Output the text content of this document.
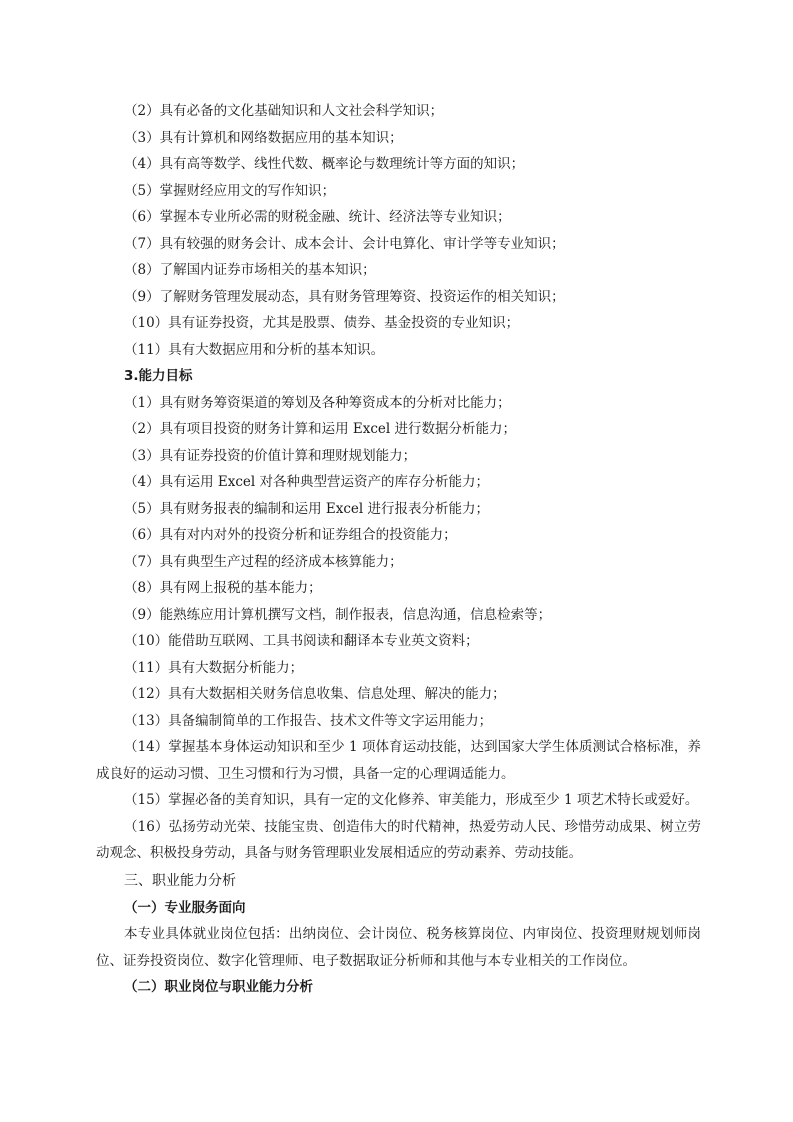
（2）具有必备的文化基础知识和人文社会科学知识；
（3）具有计算机和网络数据应用的基本知识；
（4）具有高等数学、线性代数、概率论与数理统计等方面的知识；
（5）掌握财经应用文的写作知识；
（6）掌握本专业所必需的财税金融、统计、经济法等专业知识；
（7）具有较强的财务会计、成本会计、会计电算化、审计学等专业知识；
（8）了解国内证券市场相关的基本知识；
（9）了解财务管理发展动态，具有财务管理筹资、投资运作的相关知识；
（10）具有证券投资，尤其是股票、债券、基金投资的专业知识；
（11）具有大数据应用和分析的基本知识。
3.能力目标
（1）具有财务筹资渠道的筹划及各种筹资成本的分析对比能力；
（2）具有项目投资的财务计算和运用 Excel 进行数据分析能力；
（3）具有证券投资的价值计算和理财规划能力；
（4）具有运用 Excel 对各种典型营运资产的库存分析能力；
（5）具有财务报表的编制和运用 Excel 进行报表分析能力；
（6）具有对内对外的投资分析和证券组合的投资能力；
（7）具有典型生产过程的经济成本核算能力；
（8）具有网上报税的基本能力；
（9）能熟练应用计算机撰写文档，制作报表，信息沟通，信息检索等；
（10）能借助互联网、工具书阅读和翻译本专业英文资料；
（11）具有大数据分析能力；
（12）具有大数据相关财务信息收集、信息处理、解决的能力；
（13）具备编制简单的工作报告、技术文件等文字运用能力；
（14）掌握基本身体运动知识和至少 1 项体育运动技能，达到国家大学生体质测试合格标准，养成良好的运动习惯、卫生习惯和行为习惯，具备一定的心理调适能力。
（15）掌握必备的美育知识，具有一定的文化修养、审美能力，形成至少 1 项艺术特长或爱好。
（16）弘扬劳动光荣、技能宝贵、创造伟大的时代精神，热爱劳动人民、珍惜劳动成果、树立劳动观念、积极投身劳动，具备与财务管理职业发展相适应的劳动素养、劳动技能。
三、职业能力分析
（一）专业服务面向
本专业具体就业岗位包括：出纳岗位、会计岗位、税务核算岗位、内审岗位、投资理财规划师岗位、证券投资岗位、数字化管理师、电子数据取证分析师和其他与本专业相关的工作岗位。
（二）职业岗位与职业能力分析
